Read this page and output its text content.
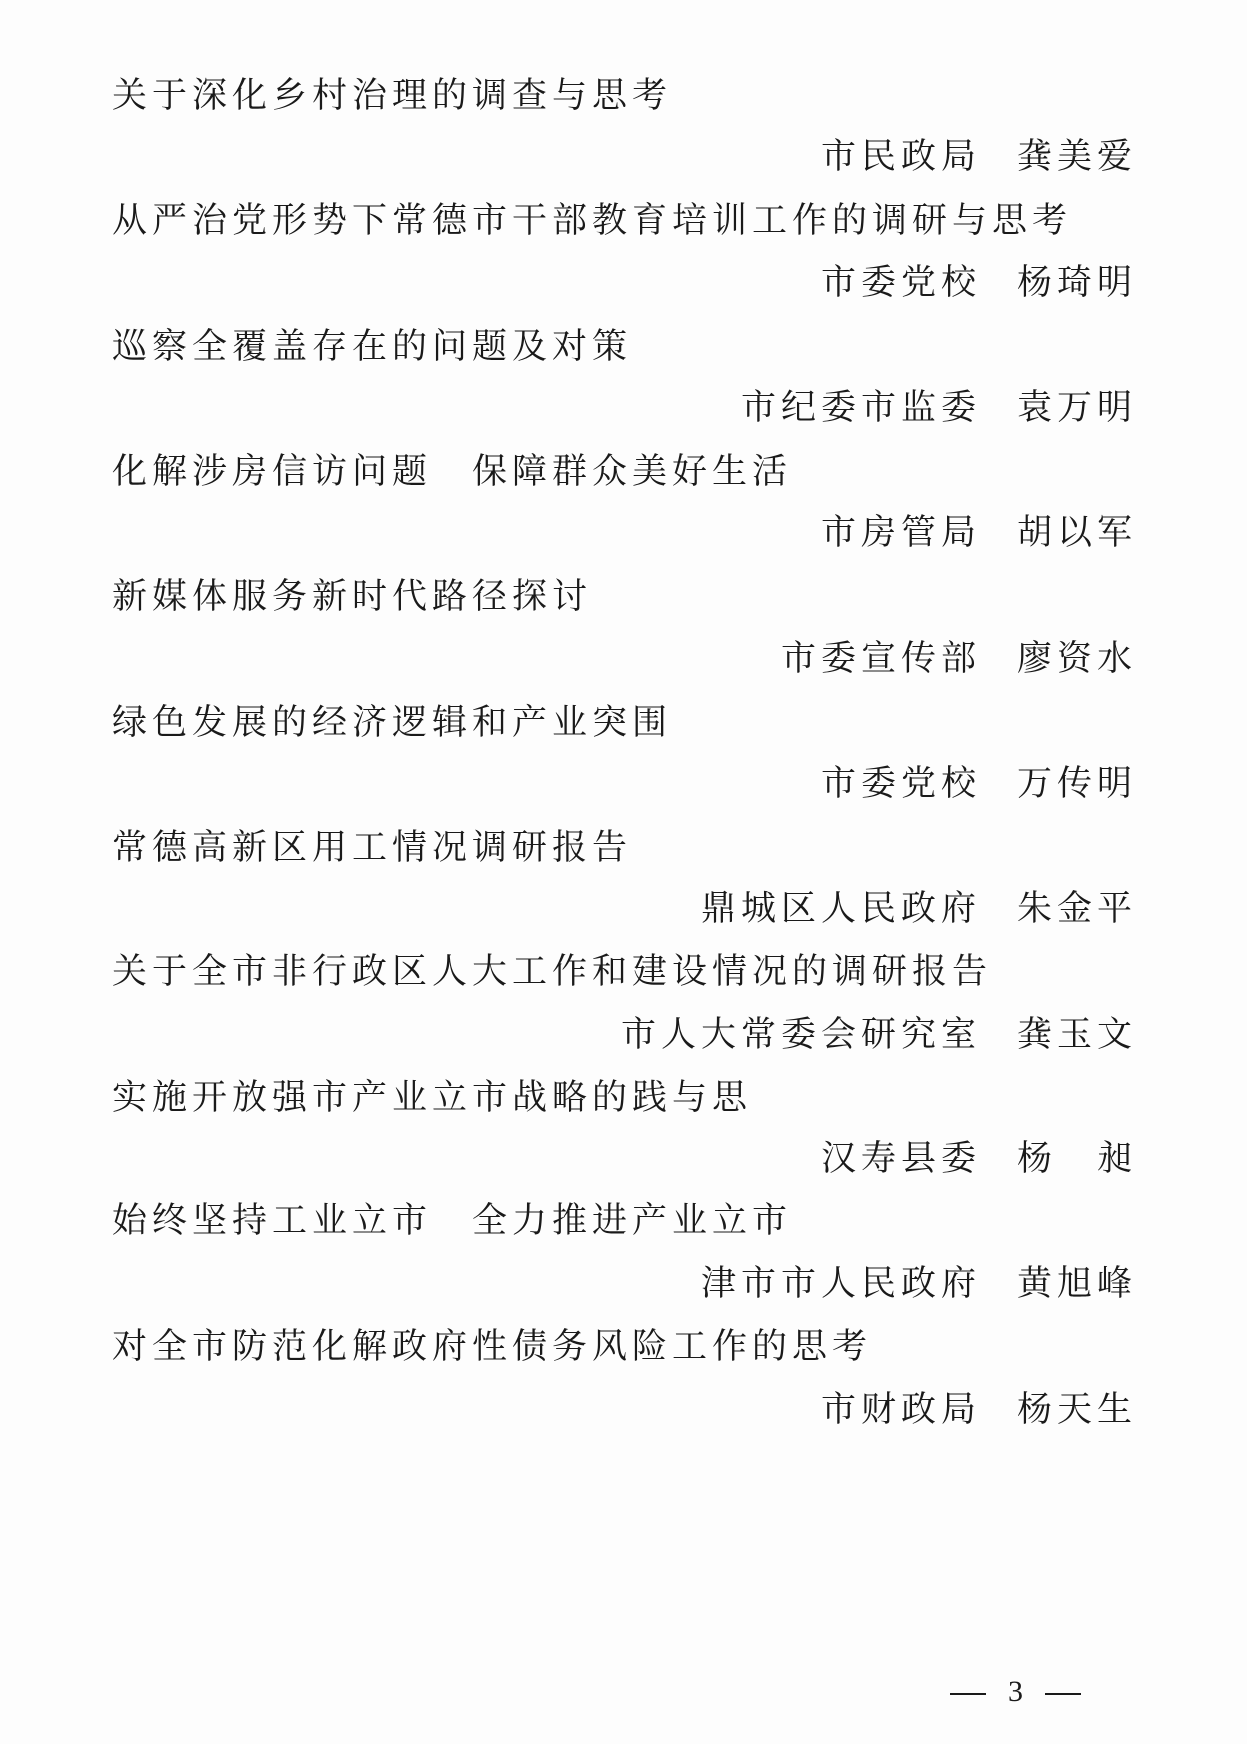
关于深化乡村治理的调查与思考
市民政局 龚美爱
从严治党形势下常德市干部教育培训工作的调研与思考
市委党校 杨琦明
巡察全覆盖存在的问题及对策
市纪委市监委 袁万明
化解涉房信访问题　保障群众美好生活
市房管局 胡以军
新媒体服务新时代路径探讨
市委宣传部 廖资水
绿色发展的经济逻辑和产业突围
市委党校 万传明
常德高新区用工情况调研报告
鼎城区人民政府 朱金平
关于全市非行政区人大工作和建设情况的调研报告
市人大常委会研究室 龚玉文
实施开放强市产业立市战略的践与思
汉寿县委 杨　昶
始终坚持工业立市　全力推进产业立市
津市市人民政府 黄旭峰
对全市防范化解政府性债务风险工作的思考
市财政局 杨天生
3
